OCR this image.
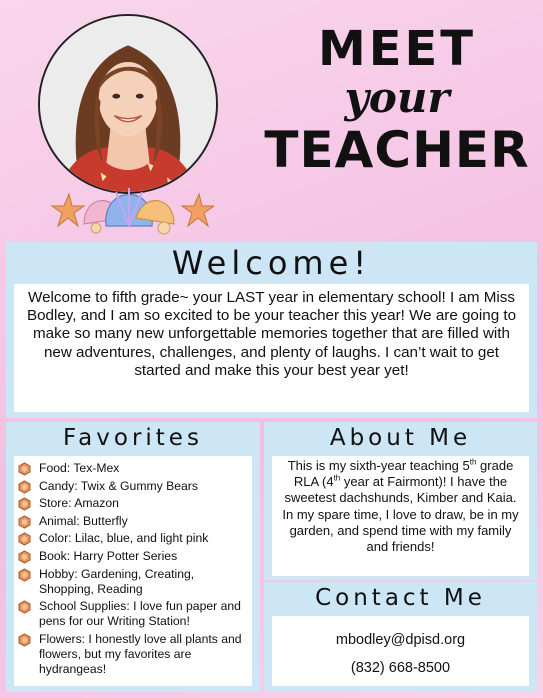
MEET
your
TEACHER
Welcome!
Welcome to fifth grade~ your LAST year in elementary school! I am Miss Bodley, and I am so excited to be your teacher this year! We are going to make so many new unforgettable memories together that are filled with new adventures, challenges, and plenty of laughs. I can’t wait to get started and make this your best year yet!
Favorites
Food: Tex-Mex
Candy: Twix & Gummy Bears
Store: Amazon
Animal: Butterfly
Color: Lilac, blue, and light pink
Book: Harry Potter Series
Hobby: Gardening, Creating, Shopping, Reading
School Supplies: I love fun paper and pens for our Writing Station!
Flowers: I honestly love all plants and flowers, but my favorites are hydrangeas!
About Me
This is my sixth-year teaching 5th grade RLA (4th year at Fairmont)! I have the sweetest dachshunds, Kimber and Kaia. In my spare time, I love to draw, be in my garden, and spend time with my family and friends!
Contact Me
mbodley@dpisd.org
(832) 668-8500
